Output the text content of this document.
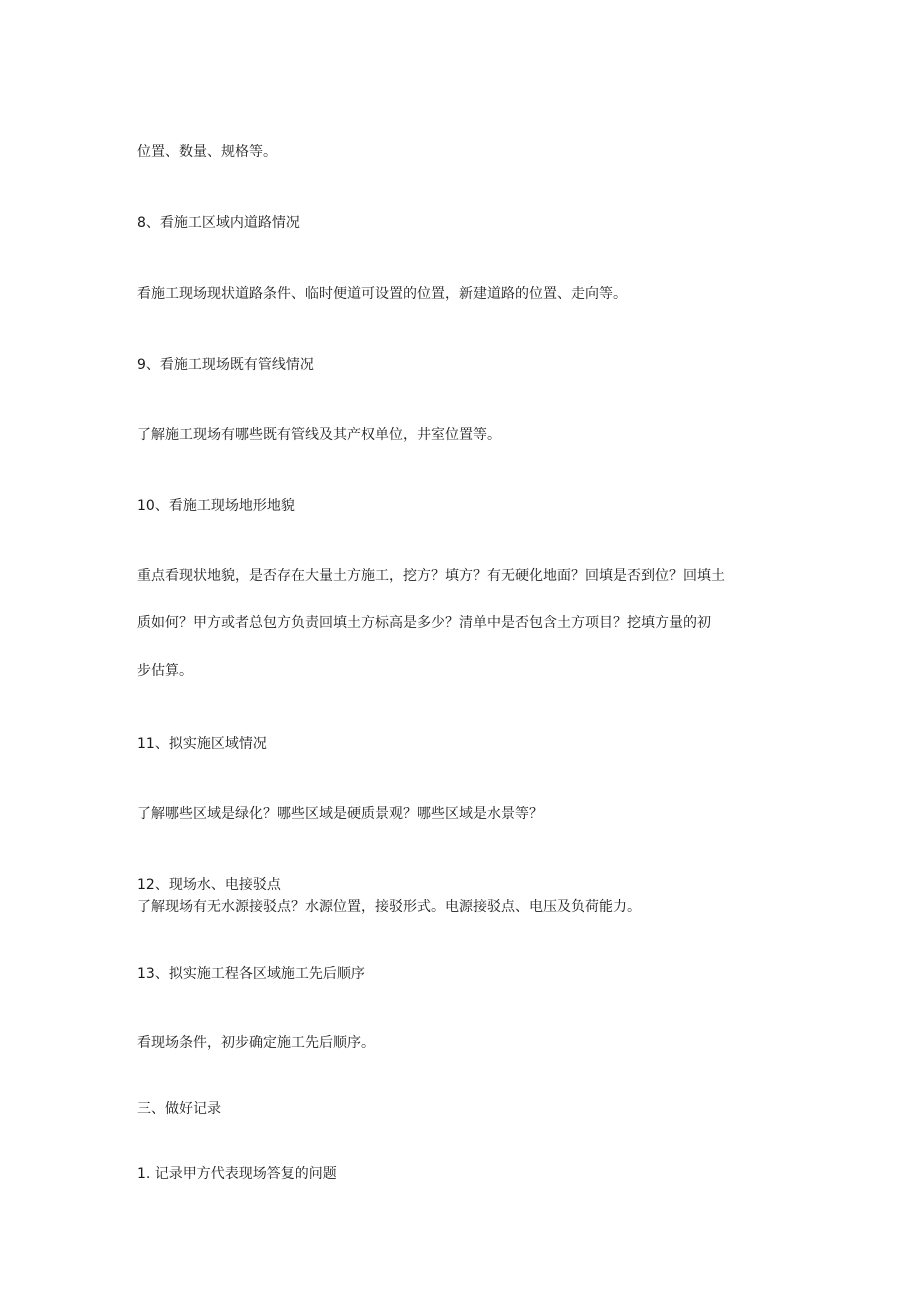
位置、数量、规格等。

8、看施工区域内道路情况

看施工现场现状道路条件、临时便道可设置的位置，新建道路的位置、走向等。

9、看施工现场既有管线情况

了解施工现场有哪些既有管线及其产权单位，井室位置等。

10、看施工现场地形地貌

重点看现状地貌，是否存在大量土方施工，挖方？填方？有无硬化地面？回填是否到位？回填土

质如何？甲方或者总包方负责回填土方标高是多少？清单中是否包含土方项目？挖填方量的初

步估算。

11、拟实施区域情况

了解哪些区域是绿化？哪些区域是硬质景观？哪些区域是水景等？

12、现场水、电接驳点

了解现场有无水源接驳点？水源位置，接驳形式。电源接驳点、电压及负荷能力。

13、拟实施工程各区域施工先后顺序

看现场条件，初步确定施工先后顺序。

三、做好记录

1. 记录甲方代表现场答复的问题
